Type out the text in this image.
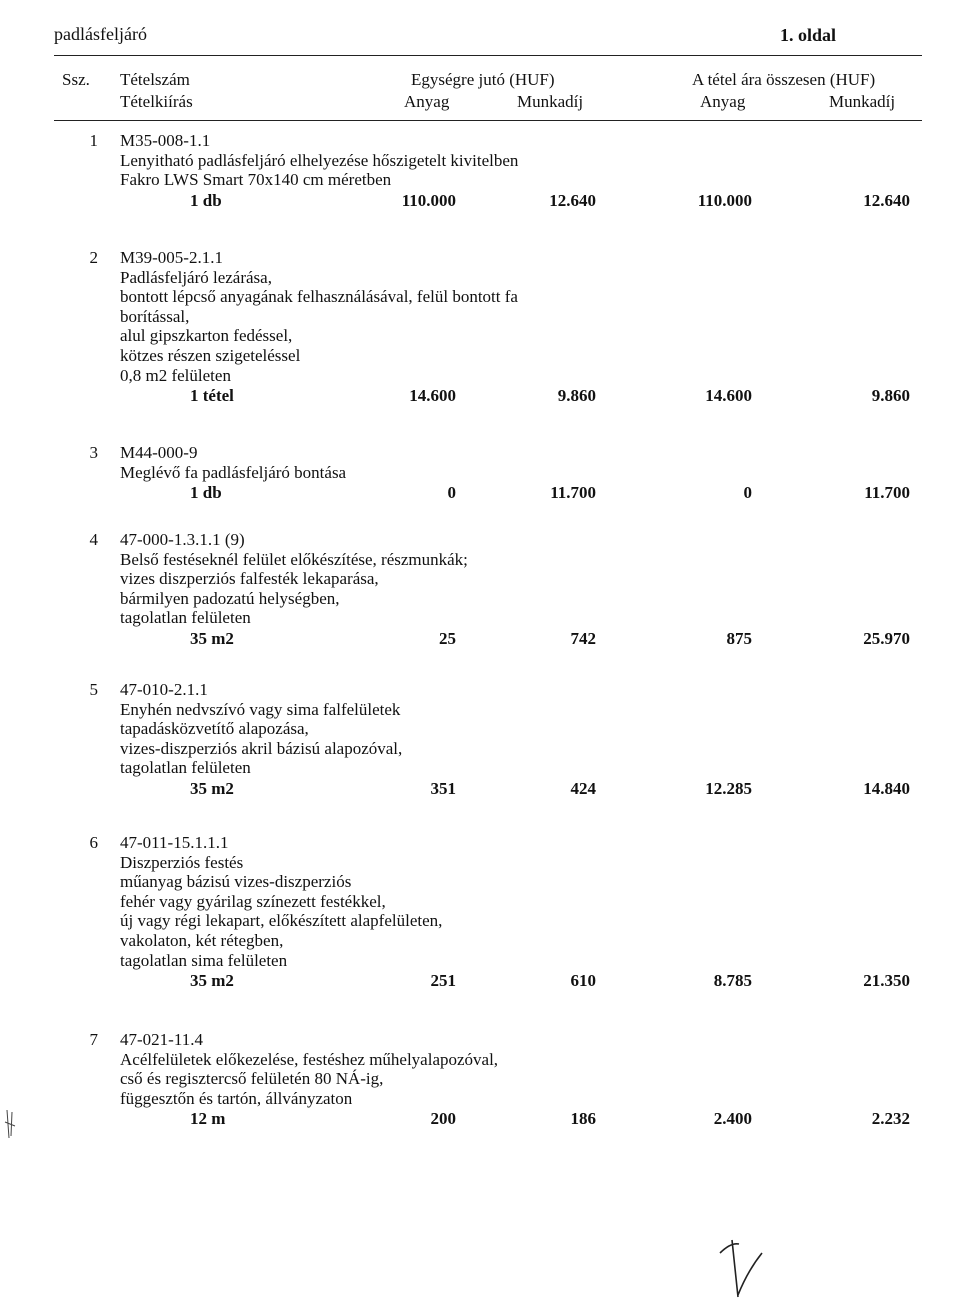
padlásfeljáró	1. oldal
Ssz. Tételszám
Tételkiírás
Egységre jutó (HUF)
Anyag	Munkadíj
A tétel ára összesen (HUF)
Anyag	Munkadíj
1 M35-008-1.1
Lenyitható padlásfeljáró elhelyezése hőszigetelt kivitelben
Fakro LWS Smart 70x140 cm méretben
1 db	110.000	12.640	110.000	12.640
2 M39-005-2.1.1
Padlásfeljáró lezárása,
bontott lépcső anyagának felhasználásával, felül bontott fa
borítással,
alul gipszkarton fedéssel,
kötzes részen szigeteléssel
0,8 m2 felületen
1 tétel	14.600	9.860	14.600	9.860
3 M44-000-9
Meglévő fa padlásfeljáró bontása
1 db	0	11.700	0	11.700
4 47-000-1.3.1.1 (9)
Belső festéseknél felület előkészítése, részmunkák;
vizes diszperziós falfesték lekaparása,
bármilyen padozatú helységben,
tagolatlan felületen
35 m2	25	742	875	25.970
5 47-010-2.1.1
Enyhén nedvszívó vagy sima falfelületek
tapadásközvetítő alapozása,
vizes-diszperziós akril bázisú alapozóval,
tagolatlan felületen
35 m2	351	424	12.285	14.840
6 47-011-15.1.1.1
Diszperziós festés
műanyag bázisú vizes-diszperziós
fehér vagy gyárilag színezett festékkel,
új vagy régi lekapart, előkészített alapfelületen,
vakolaton, két rétegben,
tagolatlan sima felületen
35 m2	251	610	8.785	21.350
7 47-021-11.4
Acélfelületek előkezelése, festéshez műhelyalapozóval,
cső és regisztercső felületén 80 NÁ-ig,
függesztőn és tartón, állványzaton
12 m	200	186	2.400	2.232
